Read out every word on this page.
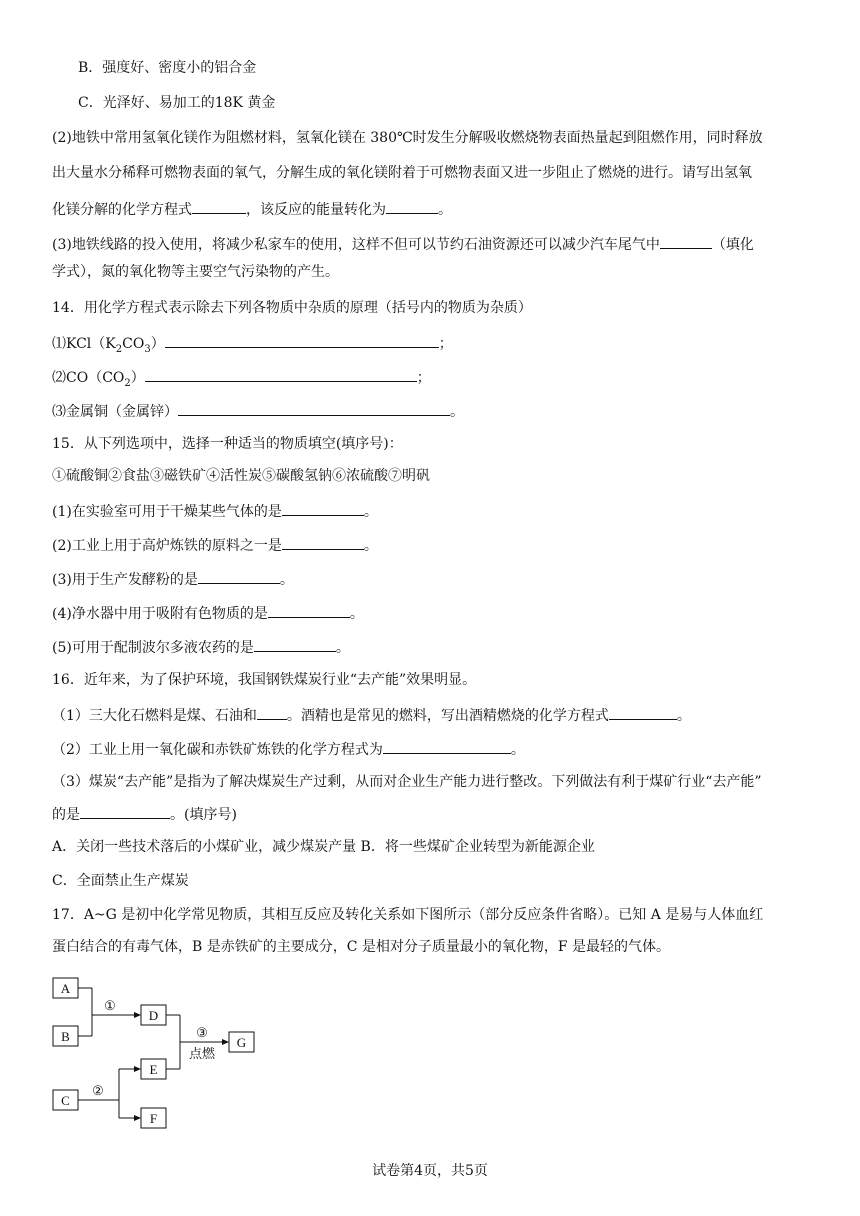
B．强度好、密度小的铝合金
C．光泽好、易加工的18K 黄金
(2)地铁中常用氢氧化镁作为阻燃材料，氢氧化镁在 380℃时发生分解吸收燃烧物表面热量起到阻燃作用，同时释放
出大量水分稀释可燃物表面的氧气，分解生成的氧化镁附着于可燃物表面又进一步阻止了燃烧的进行。请写出氢氧
化镁分解的化学方程式	，该反应的能量转化为	。
(3)地铁线路的投入使用，将减少私家车的使用，这样不但可以节约石油资源还可以减少汽车尾气中	（填化
学式），氮的氧化物等主要空气污染物的产生。
14．用化学方程式表示除去下列各物质中杂质的原理（括号内的物质为杂质）
$⑴KCl(K_2CO_3)$	；
$⑵CO(CO_2)$	；
⑶金属铜（金属锌）	。
15．从下列选项中，选择一种适当的物质填空(填序号)：
①硫酸铜②食盐③磁铁矿④活性炭⑤碳酸氢钠⑥浓硫酸⑦明矾
(1)在实验室可用于干燥某些气体的是	。
(2)工业上用于高炉炼铁的原料之一是	。
(3)用于生产发酵粉的是	。
(4)净水器中用于吸附有色物质的是	。
(5)可用于配制波尔多液农药的是	。
16．近年来，为了保护环境，我国钢铁煤炭行业“去产能”效果明显。
（1）三大化石燃料是煤、石油和 。酒精也是常见的燃料，写出酒精燃烧的化学方程式	。
（2）工业上用一氧化碳和赤铁矿炼铁的化学方程式为	。
（3）煤炭“去产能”是指为了解决煤炭生产过剩，从而对企业生产能力进行整改。下列做法有利于煤矿行业“去产能”
的是	。(填序号)
A．关闭一些技术落后的小煤矿业，减少煤炭产量 B．将一些煤矿企业转型为新能源企业
C．全面禁止生产煤炭
17．A~G 是初中化学常见物质，其相互反应及转化关系如下图所示（部分反应条件省略）。已知 A 是易与人体血红
蛋白结合的有毒气体，B 是赤铁矿的主要成分，C 是相对分子质量最小的氧化物，F 是最轻的气体。
A
B
D
E
C
F
G
①
③
点燃
②
试卷第4页，共5页
